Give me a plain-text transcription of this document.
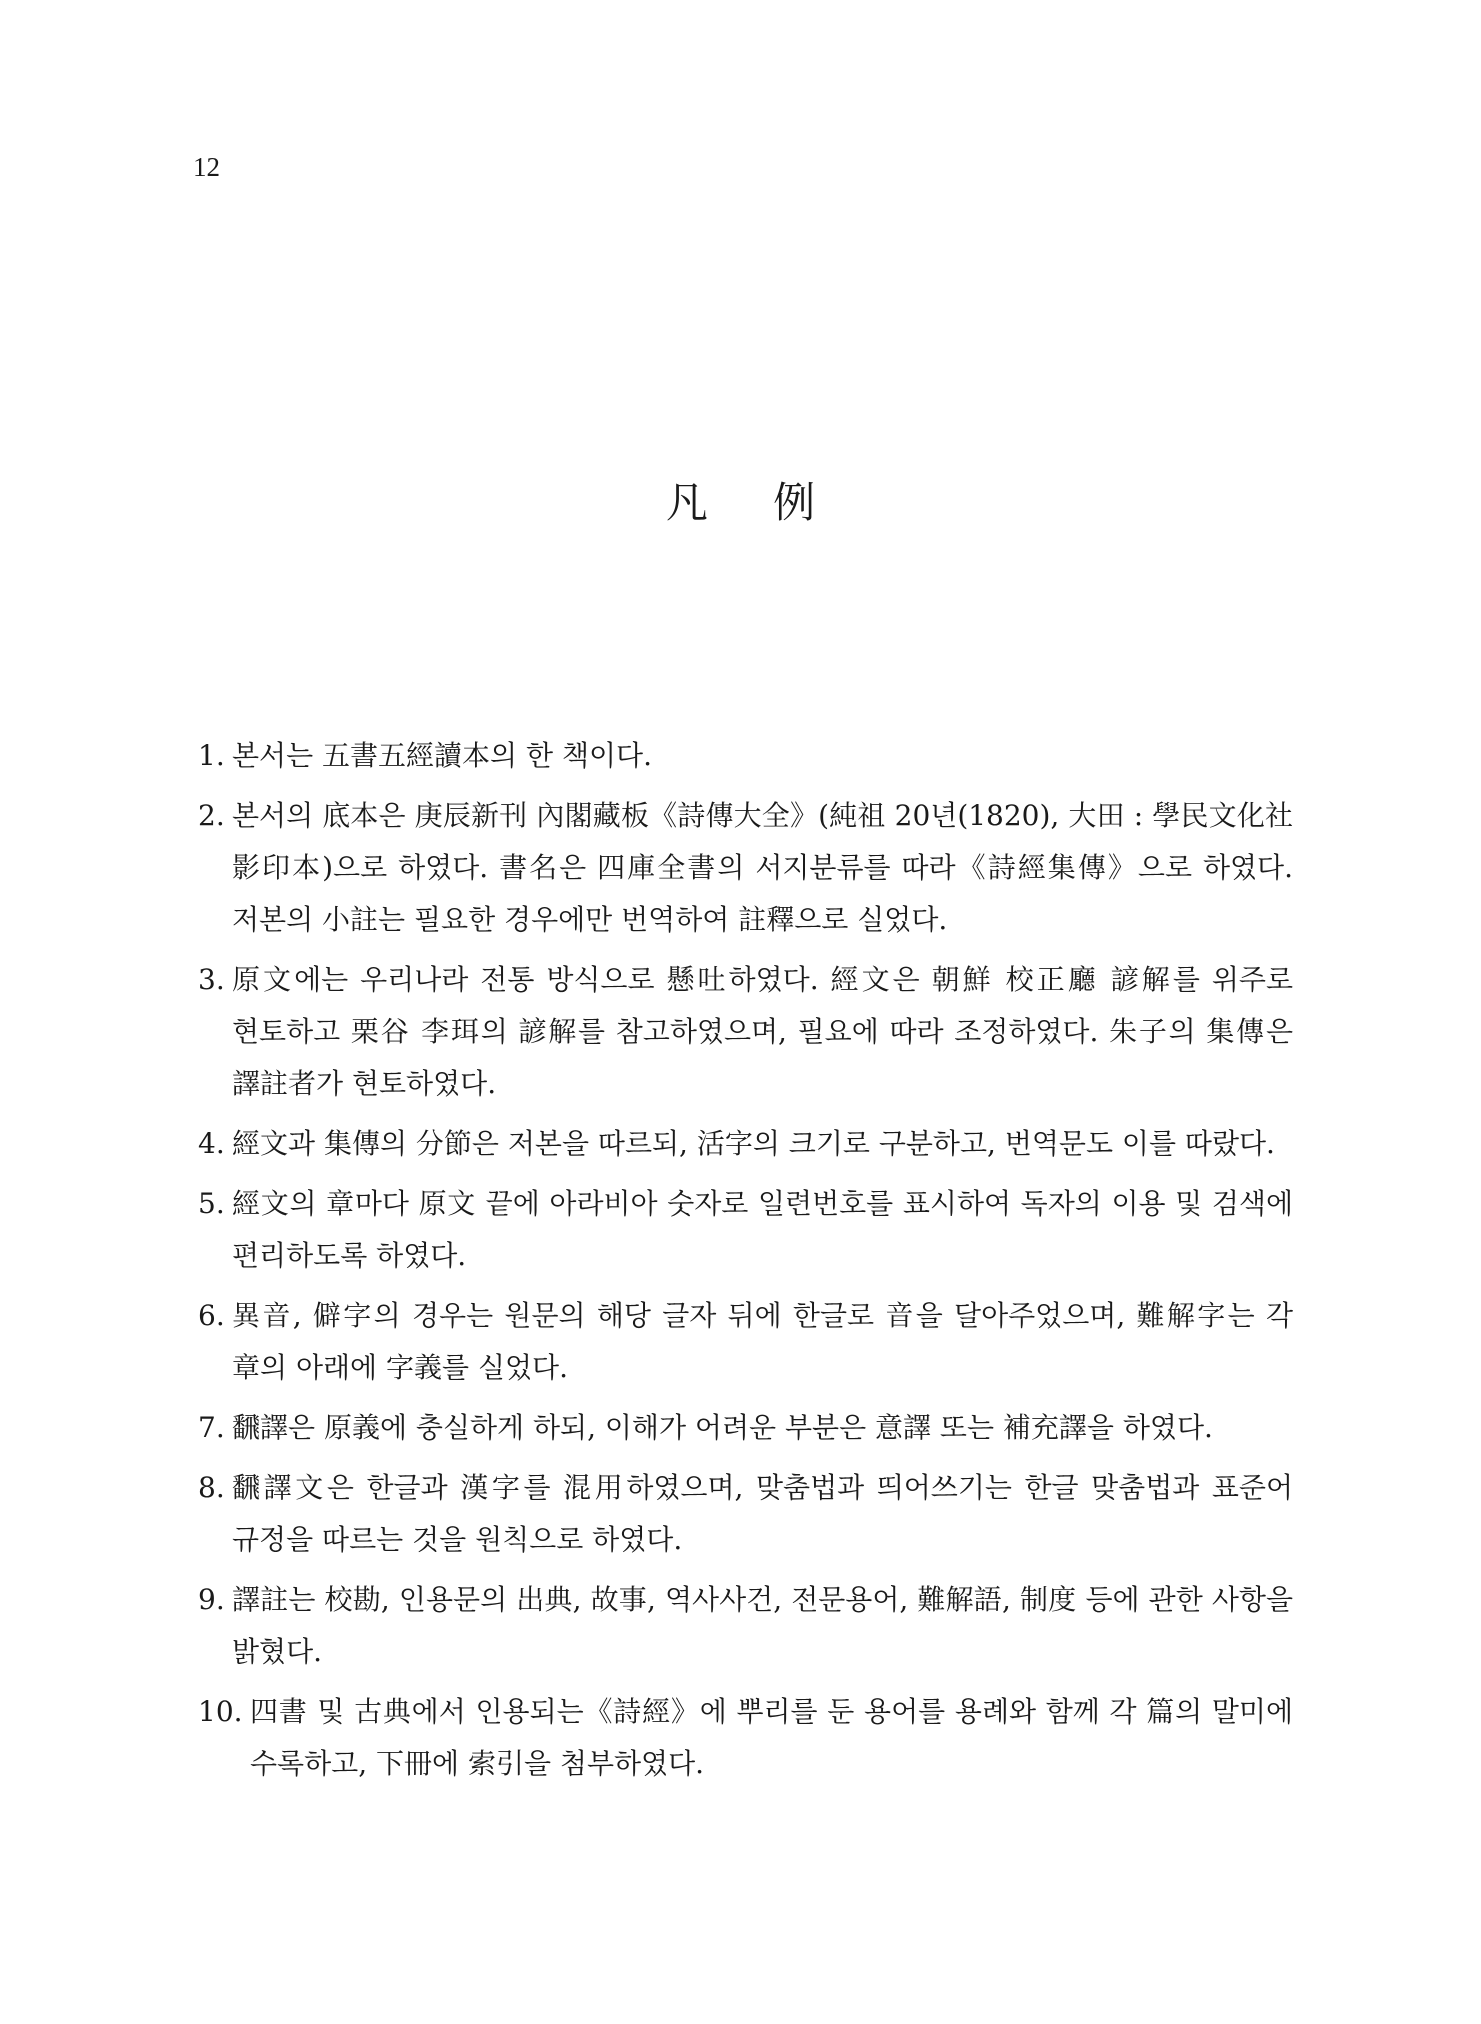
12
凡 例
1. 본서는 五書五經讀本의 한 책이다.
2. 본서의 底本은 庚辰新刊 內閣藏板《詩傳大全》(純祖 20년(1820), 大田 : 學民文化社 影印本)으로 하였다. 書名은 四庫全書의 서지분류를 따라《詩經集傳》으로 하였다. 저본의 小註는 필요한 경우에만 번역하여 註釋으로 실었다.
3. 原文에는 우리나라 전통 방식으로 懸吐하였다. 經文은 朝鮮 校正廳 諺解를 위주로 현토하고 栗谷 李珥의 諺解를 참고하였으며, 필요에 따라 조정하였다. 朱子의 集傳은 譯註者가 현토하였다.
4. 經文과 集傳의 分節은 저본을 따르되, 活字의 크기로 구분하고, 번역문도 이를 따랐다.
5. 經文의 章마다 原文 끝에 아라비아 숫자로 일련번호를 표시하여 독자의 이용 및 검색에 편리하도록 하였다.
6. 異音, 僻字의 경우는 원문의 해당 글자 뒤에 한글로 音을 달아주었으며, 難解字는 각 章의 아래에 字義를 실었다.
7. 飜譯은 原義에 충실하게 하되, 이해가 어려운 부분은 意譯 또는 補充譯을 하였다.
8. 飜譯文은 한글과 漢字를 混用하였으며, 맞춤법과 띄어쓰기는 한글 맞춤법과 표준어 규정을 따르는 것을 원칙으로 하였다.
9. 譯註는 校勘, 인용문의 出典, 故事, 역사사건, 전문용어, 難解語, 制度 등에 관한 사항을 밝혔다.
10. 四書 및 古典에서 인용되는《詩經》에 뿌리를 둔 용어를 용례와 함께 각 篇의 말미에 수록하고, 下冊에 索引을 첨부하였다.
